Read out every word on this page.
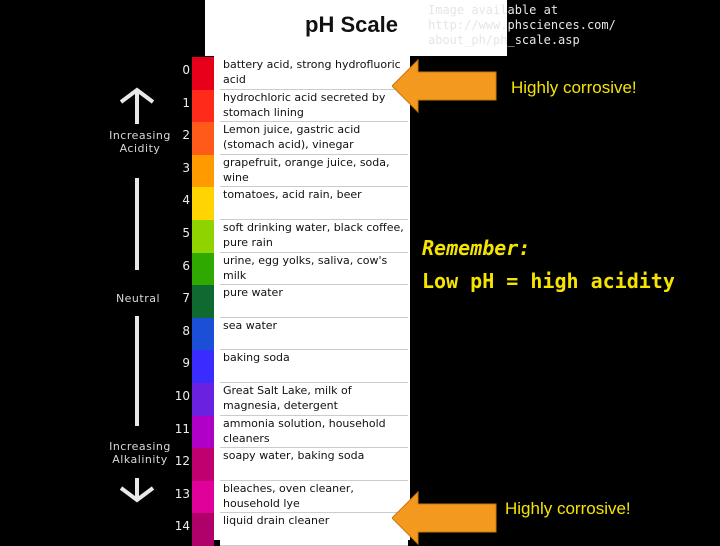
pH Scale
0
1
2
3
4
5
6
7
8
9
10
11
12
13
14
battery acid, strong hydrofluoric acid
hydrochloric acid secreted by stomach lining
Lemon juice, gastric acid (stomach acid), vinegar
grapefruit, orange juice, soda, wine
tomatoes, acid rain, beer
soft drinking water, black coffee, pure rain
urine, egg yolks, saliva, cow's milk
pure water
sea water
baking soda
Great Salt Lake, milk of magnesia, detergent
ammonia solution, household cleaners
soapy water, baking soda
bleaches, oven cleaner, household lye
liquid drain cleaner
Increasing
Acidity
Neutral
Increasing
Alkalinity
Image available at http://www.phsciences.com/ about_ph/ph_scale.asp
Highly corrosive!
Remember:
Low pH = high acidity
Highly corrosive!
